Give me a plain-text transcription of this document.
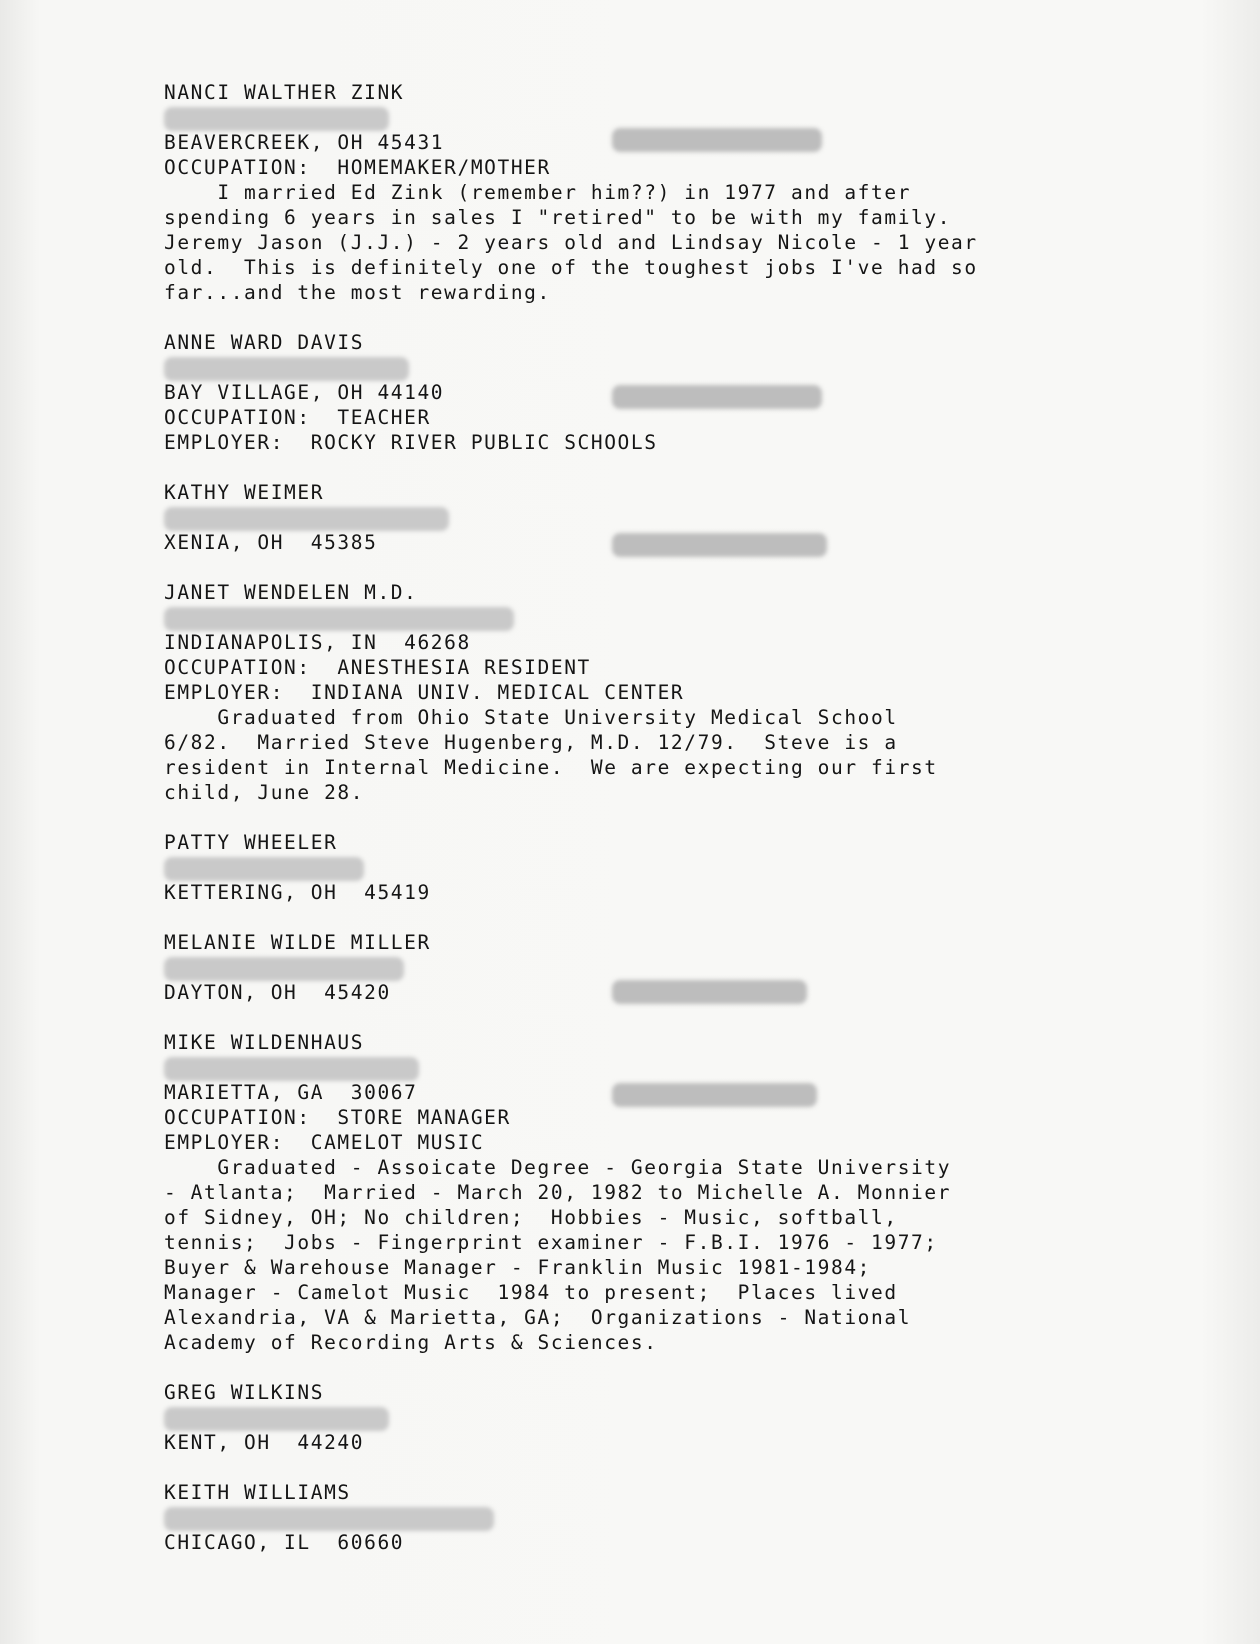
NANCI WALTHER ZINK
BEAVERCREEK, OH 45431
OCCUPATION:  HOMEMAKER/MOTHER
I married Ed Zink (remember him??) in 1977 and after
spending 6 years in sales I "retired" to be with my family.
Jeremy Jason (J.J.) - 2 years old and Lindsay Nicole - 1 year
old.  This is definitely one of the toughest jobs I've had so
far...and the most rewarding.
ANNE WARD DAVIS
BAY VILLAGE, OH 44140
OCCUPATION:  TEACHER
EMPLOYER:  ROCKY RIVER PUBLIC SCHOOLS
KATHY WEIMER
XENIA, OH  45385
JANET WENDELEN M.D.
INDIANAPOLIS, IN  46268
OCCUPATION:  ANESTHESIA RESIDENT
EMPLOYER:  INDIANA UNIV. MEDICAL CENTER
Graduated from Ohio State University Medical School
6/82.  Married Steve Hugenberg, M.D. 12/79.  Steve is a
resident in Internal Medicine.  We are expecting our first
child, June 28.
PATTY WHEELER
KETTERING, OH  45419
MELANIE WILDE MILLER
DAYTON, OH  45420
MIKE WILDENHAUS
MARIETTA, GA  30067
OCCUPATION:  STORE MANAGER
EMPLOYER:  CAMELOT MUSIC
Graduated - Assoicate Degree - Georgia State University
- Atlanta;  Married - March 20, 1982 to Michelle A. Monnier
of Sidney, OH; No children;  Hobbies - Music, softball,
tennis;  Jobs - Fingerprint examiner - F.B.I. 1976 - 1977;
Buyer & Warehouse Manager - Franklin Music 1981-1984;
Manager - Camelot Music  1984 to present;  Places lived
Alexandria, VA & Marietta, GA;  Organizations - National
Academy of Recording Arts & Sciences.
GREG WILKINS
KENT, OH  44240
KEITH WILLIAMS
CHICAGO, IL  60660
